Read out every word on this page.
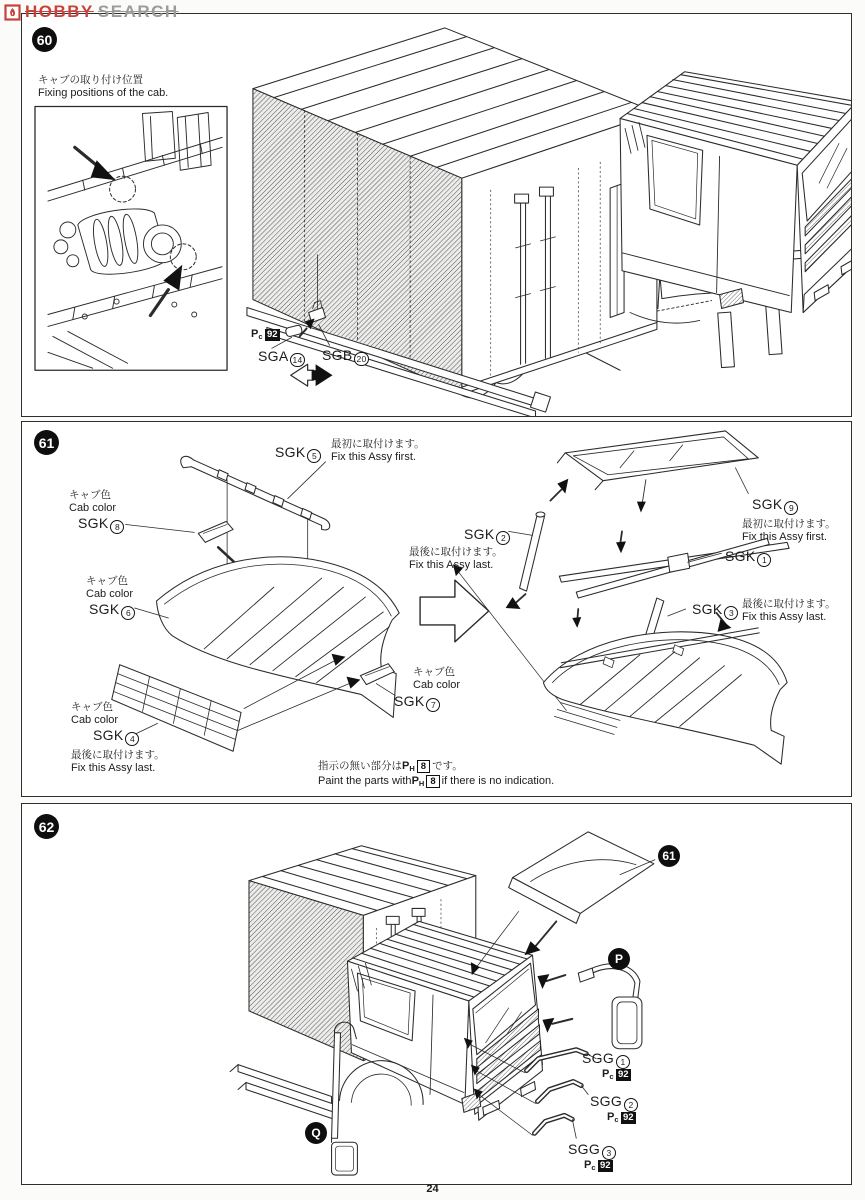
HOBBY SEARCH
60
キャブの取り付け位置
Fixing positions of the cab.
$P_c$ 92
SGA 14 SGB 20
61
SGK 5
最初に取付けます。
Fix this Assy first.
キャブ色
Cab color
SGK 8
キャブ色
Cab color
SGK 6
キャブ色
Cab color
SGK 4
最後に取付けます。
Fix this Assy last.
SGK 2
最後に取付けます。
Fix this Assy last.
キャブ色
Cab color
SGK 7
SGK 9
最初に取付けます。
Fix this Assy first.
SGK 1
SGK 3
最後に取付けます。
Fix this Assy last.
指示の無い部分は$P_H$ 8 です。
Paint the parts withP$_H$ 8 if there is no indication.
62
61
P
Q
SGG 1
$P_c$ 92
SGG 2
$P_c$ 92
SGG 3
$P_c$ 92
24
